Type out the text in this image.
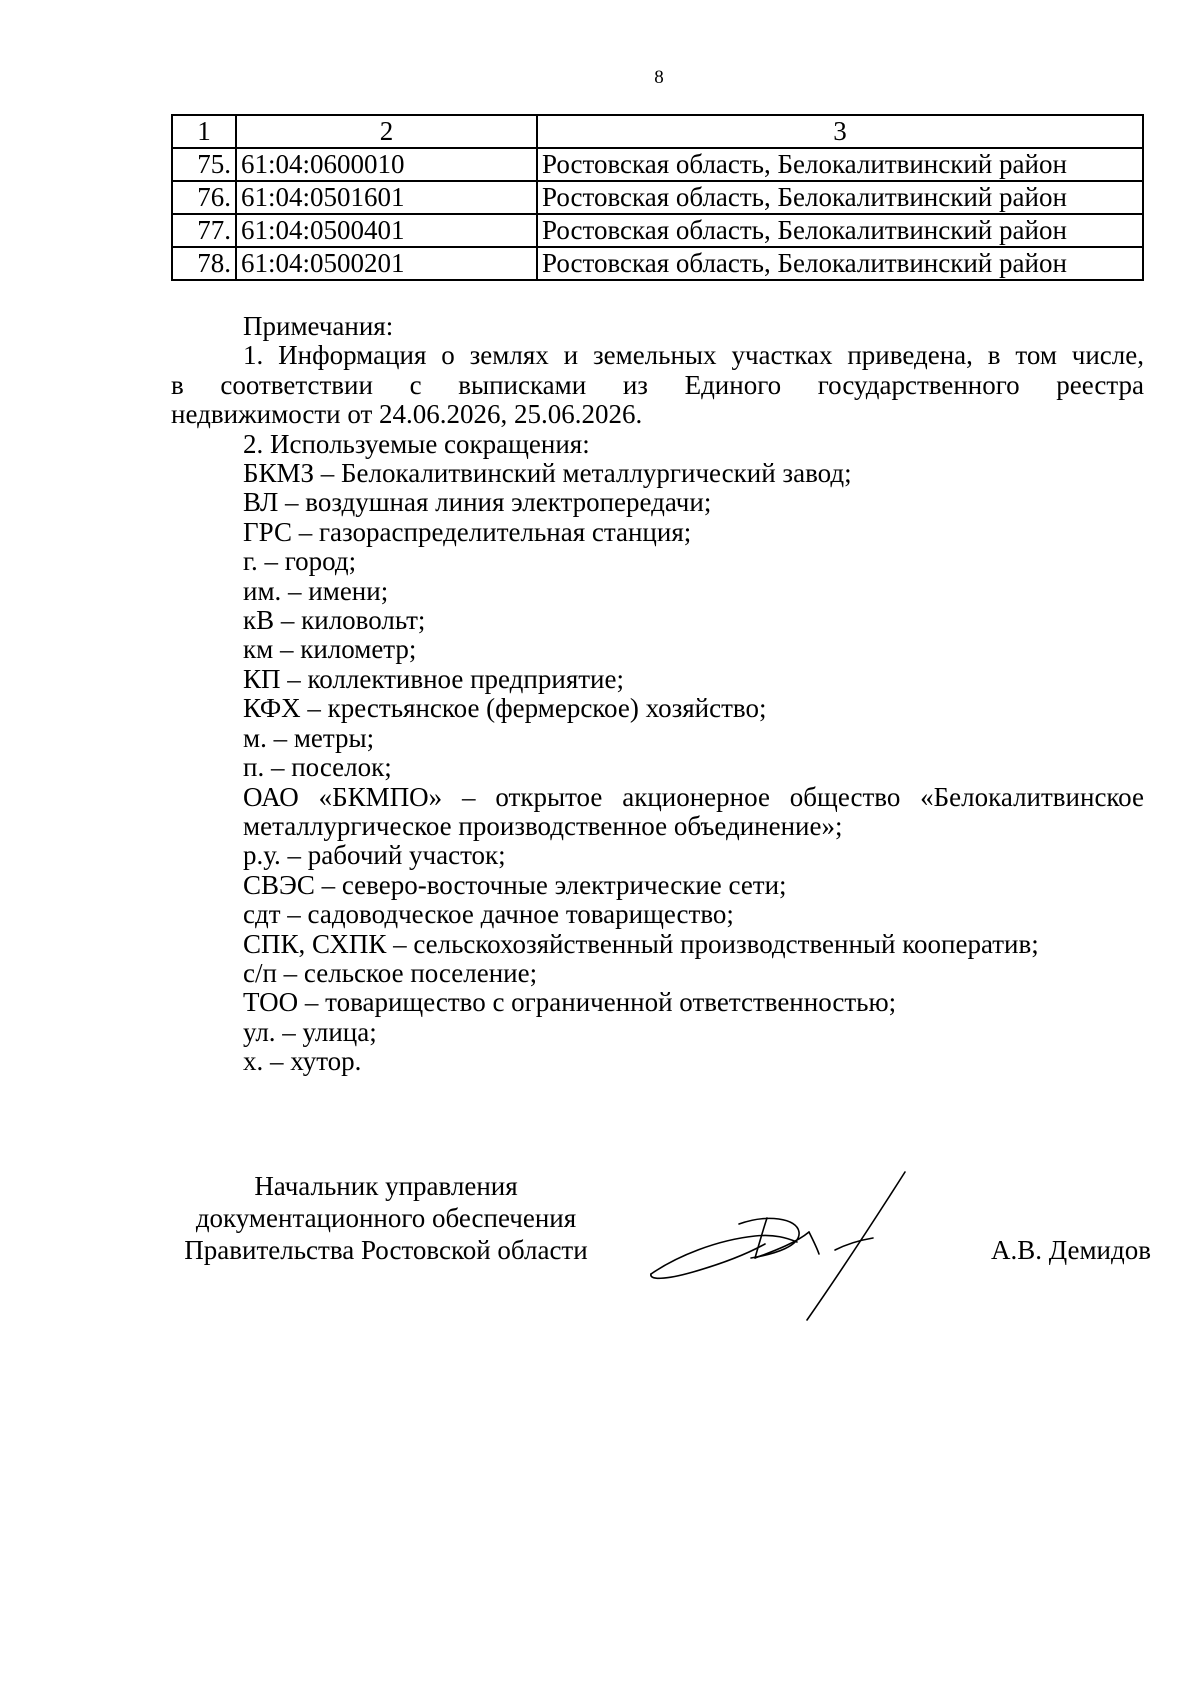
8
1	2	3
75.	61:04:0600010	Ростовская область, Белокалитвинский район
76.	61:04:0501601	Ростовская область, Белокалитвинский район
77.	61:04:0500401	Ростовская область, Белокалитвинский район
78.	61:04:0500201	Ростовская область, Белокалитвинский район

Примечания:

1. Информация о землях и земельных участках приведена, в том числе,

в соответствии с выписками из Единого государственного реестра

недвижимости от 24.06.2026, 25.06.2026.

2. Используемые сокращения:

БКМЗ – Белокалитвинский металлургический завод;

ВЛ – воздушная линия электропередачи;

ГРС – газораспределительная станция;

г. – город;

им. – имени;

кВ – киловольт;

км – километр;

КП – коллективное предприятие;

КФХ – крестьянское (фермерское) хозяйство;

м. – метры;

п. – поселок;

ОАО «БКМПО» – открытое акционерное общество «Белокалитвинское

металлургическое производственное объединение»;

р.у. – рабочий участок;

СВЭС – северо-восточные электрические сети;

сдт – садоводческое дачное товарищество;

СПК, СХПК – сельскохозяйственный производственный кооператив;

с/п – сельское поселение;

ТОО – товарищество с ограниченной ответственностью;

ул. – улица;

х. – хутор.

Начальник управления
документационного обеспечения
Правительства Ростовской области	А.В. Демидов
